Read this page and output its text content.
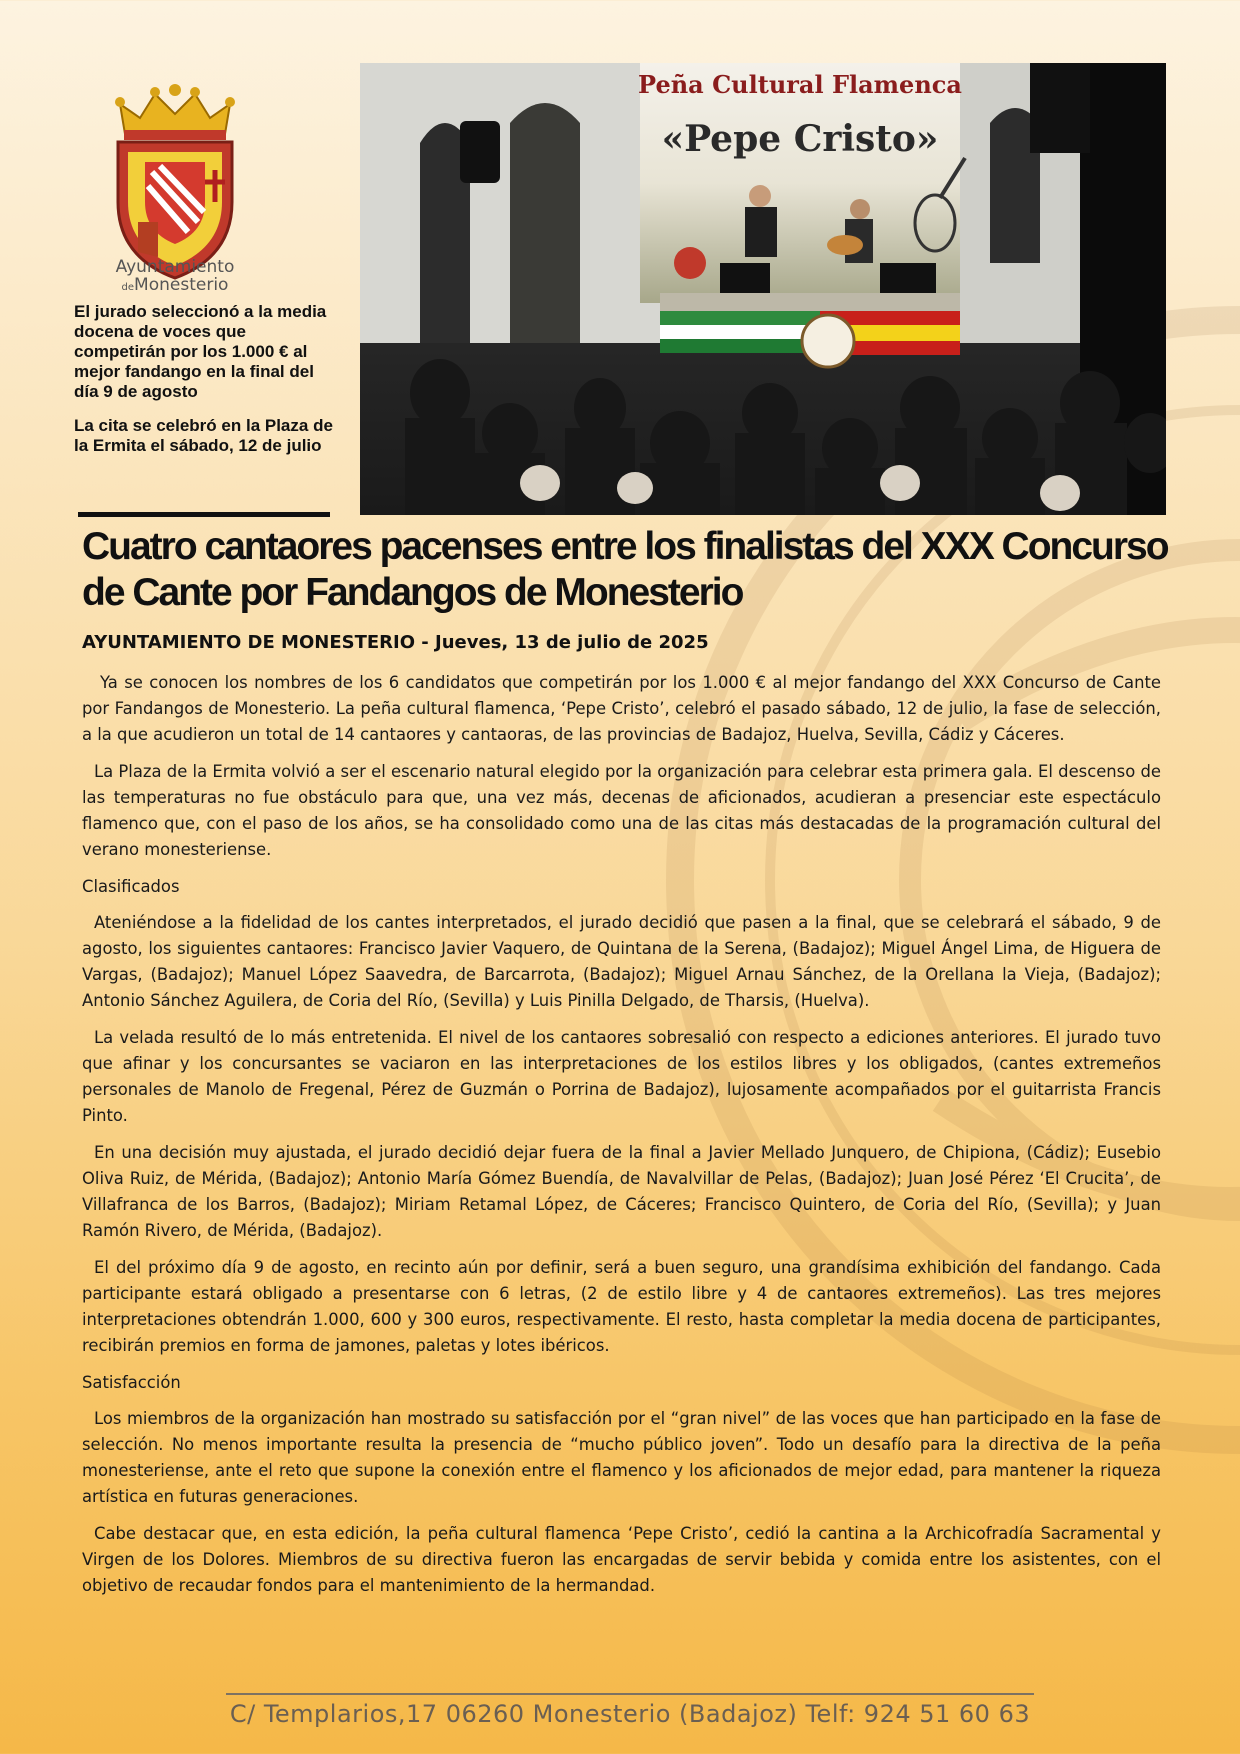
Ayuntamiento
deMonesterio
El jurado seleccionó a la media docena de voces que competirán por los 1.000 € al mejor fandango en la final del día 9 de agosto
La cita se celebró en la Plaza de la Ermita el sábado, 12 de julio
Peña Cultural Flamenca
«Pepe Cristo»
Cuatro cantaores pacenses entre los finalistas del XXX Concurso de Cante por Fandangos de Monesterio
AYUNTAMIENTO DE MONESTERIO - Jueves, 13 de julio de 2025

Ya se conocen los nombres de los 6 candidatos que competirán por los 1.000 € al mejor fandango del XXX Concurso de Cante por Fandangos de Monesterio. La peña cultural flamenca, ‘Pepe Cristo’, celebró el pasado sábado, 12 de julio, la fase de selección, a la que acudieron un total de 14 cantaores y cantaoras, de las provincias de Badajoz, Huelva, Sevilla, Cádiz y Cáceres.

La Plaza de la Ermita volvió a ser el escenario natural elegido por la organización para celebrar esta primera gala. El descenso de las temperaturas no fue obstáculo para que, una vez más, decenas de aficionados, acudieran a presenciar este espectáculo flamenco que, con el paso de los años, se ha consolidado como una de las citas más destacadas de la programación cultural del verano monesteriense.

Clasificados

Ateniéndose a la fidelidad de los cantes interpretados, el jurado decidió que pasen a la final, que se celebrará el sábado, 9 de agosto, los siguientes cantaores: Francisco Javier Vaquero, de Quintana de la Serena, (Badajoz); Miguel Ángel Lima, de Higuera de Vargas, (Badajoz); Manuel López Saavedra, de Barcarrota, (Badajoz); Miguel Arnau Sánchez, de la Orellana la Vieja, (Badajoz); Antonio Sánchez Aguilera, de Coria del Río, (Sevilla) y Luis Pinilla Delgado, de Tharsis, (Huelva).

La velada resultó de lo más entretenida. El nivel de los cantaores sobresalió con respecto a ediciones anteriores. El jurado tuvo que afinar y los concursantes se vaciaron en las interpretaciones de los estilos libres y los obligados, (cantes extremeños personales de Manolo de Fregenal, Pérez de Guzmán o Porrina de Badajoz), lujosamente acompañados por el guitarrista Francis Pinto.

En una decisión muy ajustada, el jurado decidió dejar fuera de la final a Javier Mellado Junquero, de Chipiona, (Cádiz); Eusebio Oliva Ruiz, de Mérida, (Badajoz); Antonio María Gómez Buendía, de Navalvillar de Pelas, (Badajoz); Juan José Pérez ‘El Crucita’, de Villafranca de los Barros, (Badajoz); Miriam Retamal López, de Cáceres; Francisco Quintero, de Coria del Río, (Sevilla); y Juan Ramón Rivero, de Mérida, (Badajoz).

El del próximo día 9 de agosto, en recinto aún por definir, será a buen seguro, una grandísima exhibición del fandango. Cada participante estará obligado a presentarse con 6 letras, (2 de estilo libre y 4 de cantaores extremeños). Las tres mejores interpretaciones obtendrán 1.000, 600 y 300 euros, respectivamente. El resto, hasta completar la media docena de participantes, recibirán premios en forma de jamones, paletas y lotes ibéricos.

Satisfacción

Los miembros de la organización han mostrado su satisfacción por el “gran nivel” de las voces que han participado en la fase de selección. No menos importante resulta la presencia de “mucho público joven”. Todo un desafío para la directiva de la peña monesteriense, ante el reto que supone la conexión entre el flamenco y los aficionados de mejor edad, para mantener la riqueza artística en futuras generaciones.

Cabe destacar que, en esta edición, la peña cultural flamenca ‘Pepe Cristo’, cedió la cantina a la Archicofradía Sacramental y Virgen de los Dolores. Miembros de su directiva fueron las encargadas de servir bebida y comida entre los asistentes, con el objetivo de recaudar fondos para el mantenimiento de la hermandad.

C/ Templarios,17 06260 Monesterio (Badajoz) Telf: 924 51 60 63
